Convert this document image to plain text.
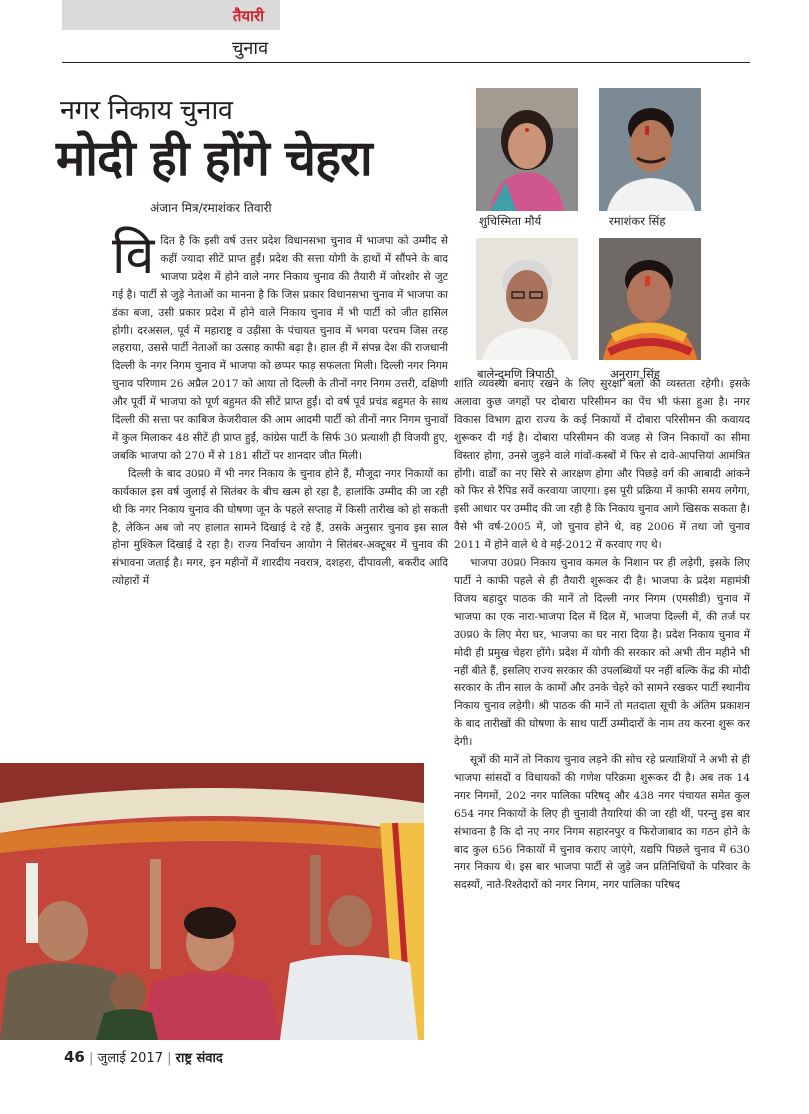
तैयारी
चुनाव
नगर निकाय चुनाव
मोदी ही होंगे चेहरा
अंजान मित्र/रमाशंकर तिवारी

विदित है कि इसी वर्ष उत्तर प्रदेश विधानसभा चुनाव में भाजपा को उम्मीद से कहीं ज्यादा सीटें प्राप्त हुईं। प्रदेश की सत्ता योगी के हाथों में सौंपने के बाद भाजपा प्रदेश में होने वाले नगर निकाय चुनाव की तैयारी में जोरशोर से जुट गई है। पार्टी से जुड़े नेताओं का मानना है कि जिस प्रकार विधानसभा चुनाव में भाजपा का डंका बजा, उसी प्रकार प्रदेश में होने वाले निकाय चुनाव में भी पार्टी को जीत हासिल होगी। दरअसल, पूर्व में महाराष्ट्र व उड़ीसा के पंचायत चुनाव में भगवा परचम जिस तरह लहराया, उससे पार्टी नेताओं का उत्साह काफी बढ़ा है। हाल ही में संपन्न देश की राजधानी दिल्ली के नगर निगम चुनाव में भाजपा को छप्पर फाड़ सफलता मिली। दिल्ली नगर निगम चुनाव परिणाम 26 अप्रैल 2017 को आया तो दिल्ली के तीनों नगर निगम उत्तरी, दक्षिणी और पूर्वी में भाजपा को पूर्ण बहुमत की सीटें प्राप्त हुईं। दो वर्ष पूर्व प्रचंड बहुमत के साथ दिल्ली की सत्ता पर काबिज केजरीवाल की आम आदमी पार्टी को तीनों नगर निगम चुनावों में कुल मिलाकर 48 सीटें ही प्राप्त हुईं, कांग्रेस पार्टी के सिर्फ 30 प्रत्याशी ही विजयी हुए, जबकि भाजपा को 270 में से 181 सीटों पर शानदार जीत मिली।

दिल्ली के बाद उ0प्र0 में भी नगर निकाय के चुनाव होने हैं, मौजूदा नगर निकायों का कार्यकाल इस वर्ष जुलाई से सितंबर के बीच खत्म हो रहा है, हालांकि उम्मीद की जा रही थी कि नगर निकाय चुनाव की घोषणा जून के पहले सप्ताह में किसी तारीख को हो सकती है, लेकिन अब जो नए हालात सामने दिखाई दे रहे हैं, उसके अनुसार चुनाव इस साल होना मुश्किल दिखाई दे रहा है। राज्य निर्वाचन आयोग ने सितंबर-अक्टूबर में चुनाव की संभावना जताई है। मगर, इन महीनों में शारदीय नवरात्र, दशहरा, दीपावली, बकरीद आदि त्योहारों में

शांति व्यवस्था बनाए रखने के लिए सुरक्षा बलों की व्यस्तता रहेगी। इसके अलावा कुछ जगहों पर दोबारा परिसीमन का पेंच भी फंसा हुआ है। नगर विकास विभाग द्वारा राज्य के कई निकायों में दोबारा परिसीमन की कवायद शुरूकर दी गई है। दोबारा परिसीमन की वजह से जिन निकायों का सीमा विस्तार होगा, उनसे जुड़ने वाले गांवों-कस्बों में फिर से दावे-आपत्तियां आमंत्रित होंगी। वार्डों का नए सिरे से आरक्षण होगा और पिछड़े वर्ग की आबादी आंकने को फिर से रैपिड सर्वे करवाया जाएगा। इस पूरी प्रक्रिया में काफी समय लगेगा, इसी आधार पर उम्मीद की जा रही है कि निकाय चुनाव आगे खिसक सकता है। वैसे भी वर्ष-2005 में, जो चुनाव होने थे, वह 2006 में तथा जो चुनाव 2011 में होने वाले थे वे मई-2012 में करवाए गए थे।

भाजपा उ0प्र0 निकाय चुनाव कमल के निशान पर ही लड़ेगी, इसके लिए पार्टी ने काफी पहले से ही तैयारी शुरूकर दी है। भाजपा के प्रदेश महामंत्री विजय बहादुर पाठक की मानें तो दिल्ली नगर निगम (एमसीडी) चुनाव में भाजपा का एक नारा-भाजपा दिल में दिल में, भाजपा दिल्ली में, की तर्ज पर उ0प्र0 के लिए मेरा घर, भाजपा का घर नारा दिया है। प्रदेश निकाय चुनाव में मोदी ही प्रमुख चेहरा होंगे। प्रदेश में योगी की सरकार को अभी तीन महीने भी नहीं बीते हैं, इसलिए राज्य सरकार की उपलब्धियों पर नहीं बल्कि केंद्र की मोदी सरकार के तीन साल के कामों और उनके चेहरे को सामने रखकर पार्टी स्थानीय निकाय चुनाव लड़ेगी। श्री पाठक की मानें तो मतदाता सूची के अंतिम प्रकाशन के बाद तारीखों की घोषणा के साथ पार्टी उम्मीदारों के नाम तय करना शुरू कर देगी।

सूत्रों की मानें तो निकाय चुनाव लड़ने की सोच रहे प्रत्याशियों ने अभी से ही भाजपा सांसदों व विधायकों की गणेश परिक्रमा शुरूकर दी है। अब तक 14 नगर निगमों, 202 नगर पालिका परिषद् और 438 नगर पंचायत समेत कुल 654 नगर निकायों के लिए ही चुनावी तैयारियां की जा रही थीं, परन्तु इस बार संभावना है कि दो नए नगर निगम सहारनपुर व फिरोजाबाद का गठन होने के बाद कुल 656 निकायों में चुनाव कराए जाएंगे, यद्यपि पिछले चुनाव में 630 नगर निकाय थे। इस बार भाजपा पार्टी से जुड़े जन प्रतिनिधियों के परिवार के सदस्यों, नाते-रिश्तेदारों को नगर निगम, नगर पालिका परिषद

शुचिस्मिता मौर्य	रमाशंकर सिंह
बालेन्दुमणि त्रिपाठी	अनुराग सिंह
46 | जुलाई 2017 | राष्ट्र संवाद
